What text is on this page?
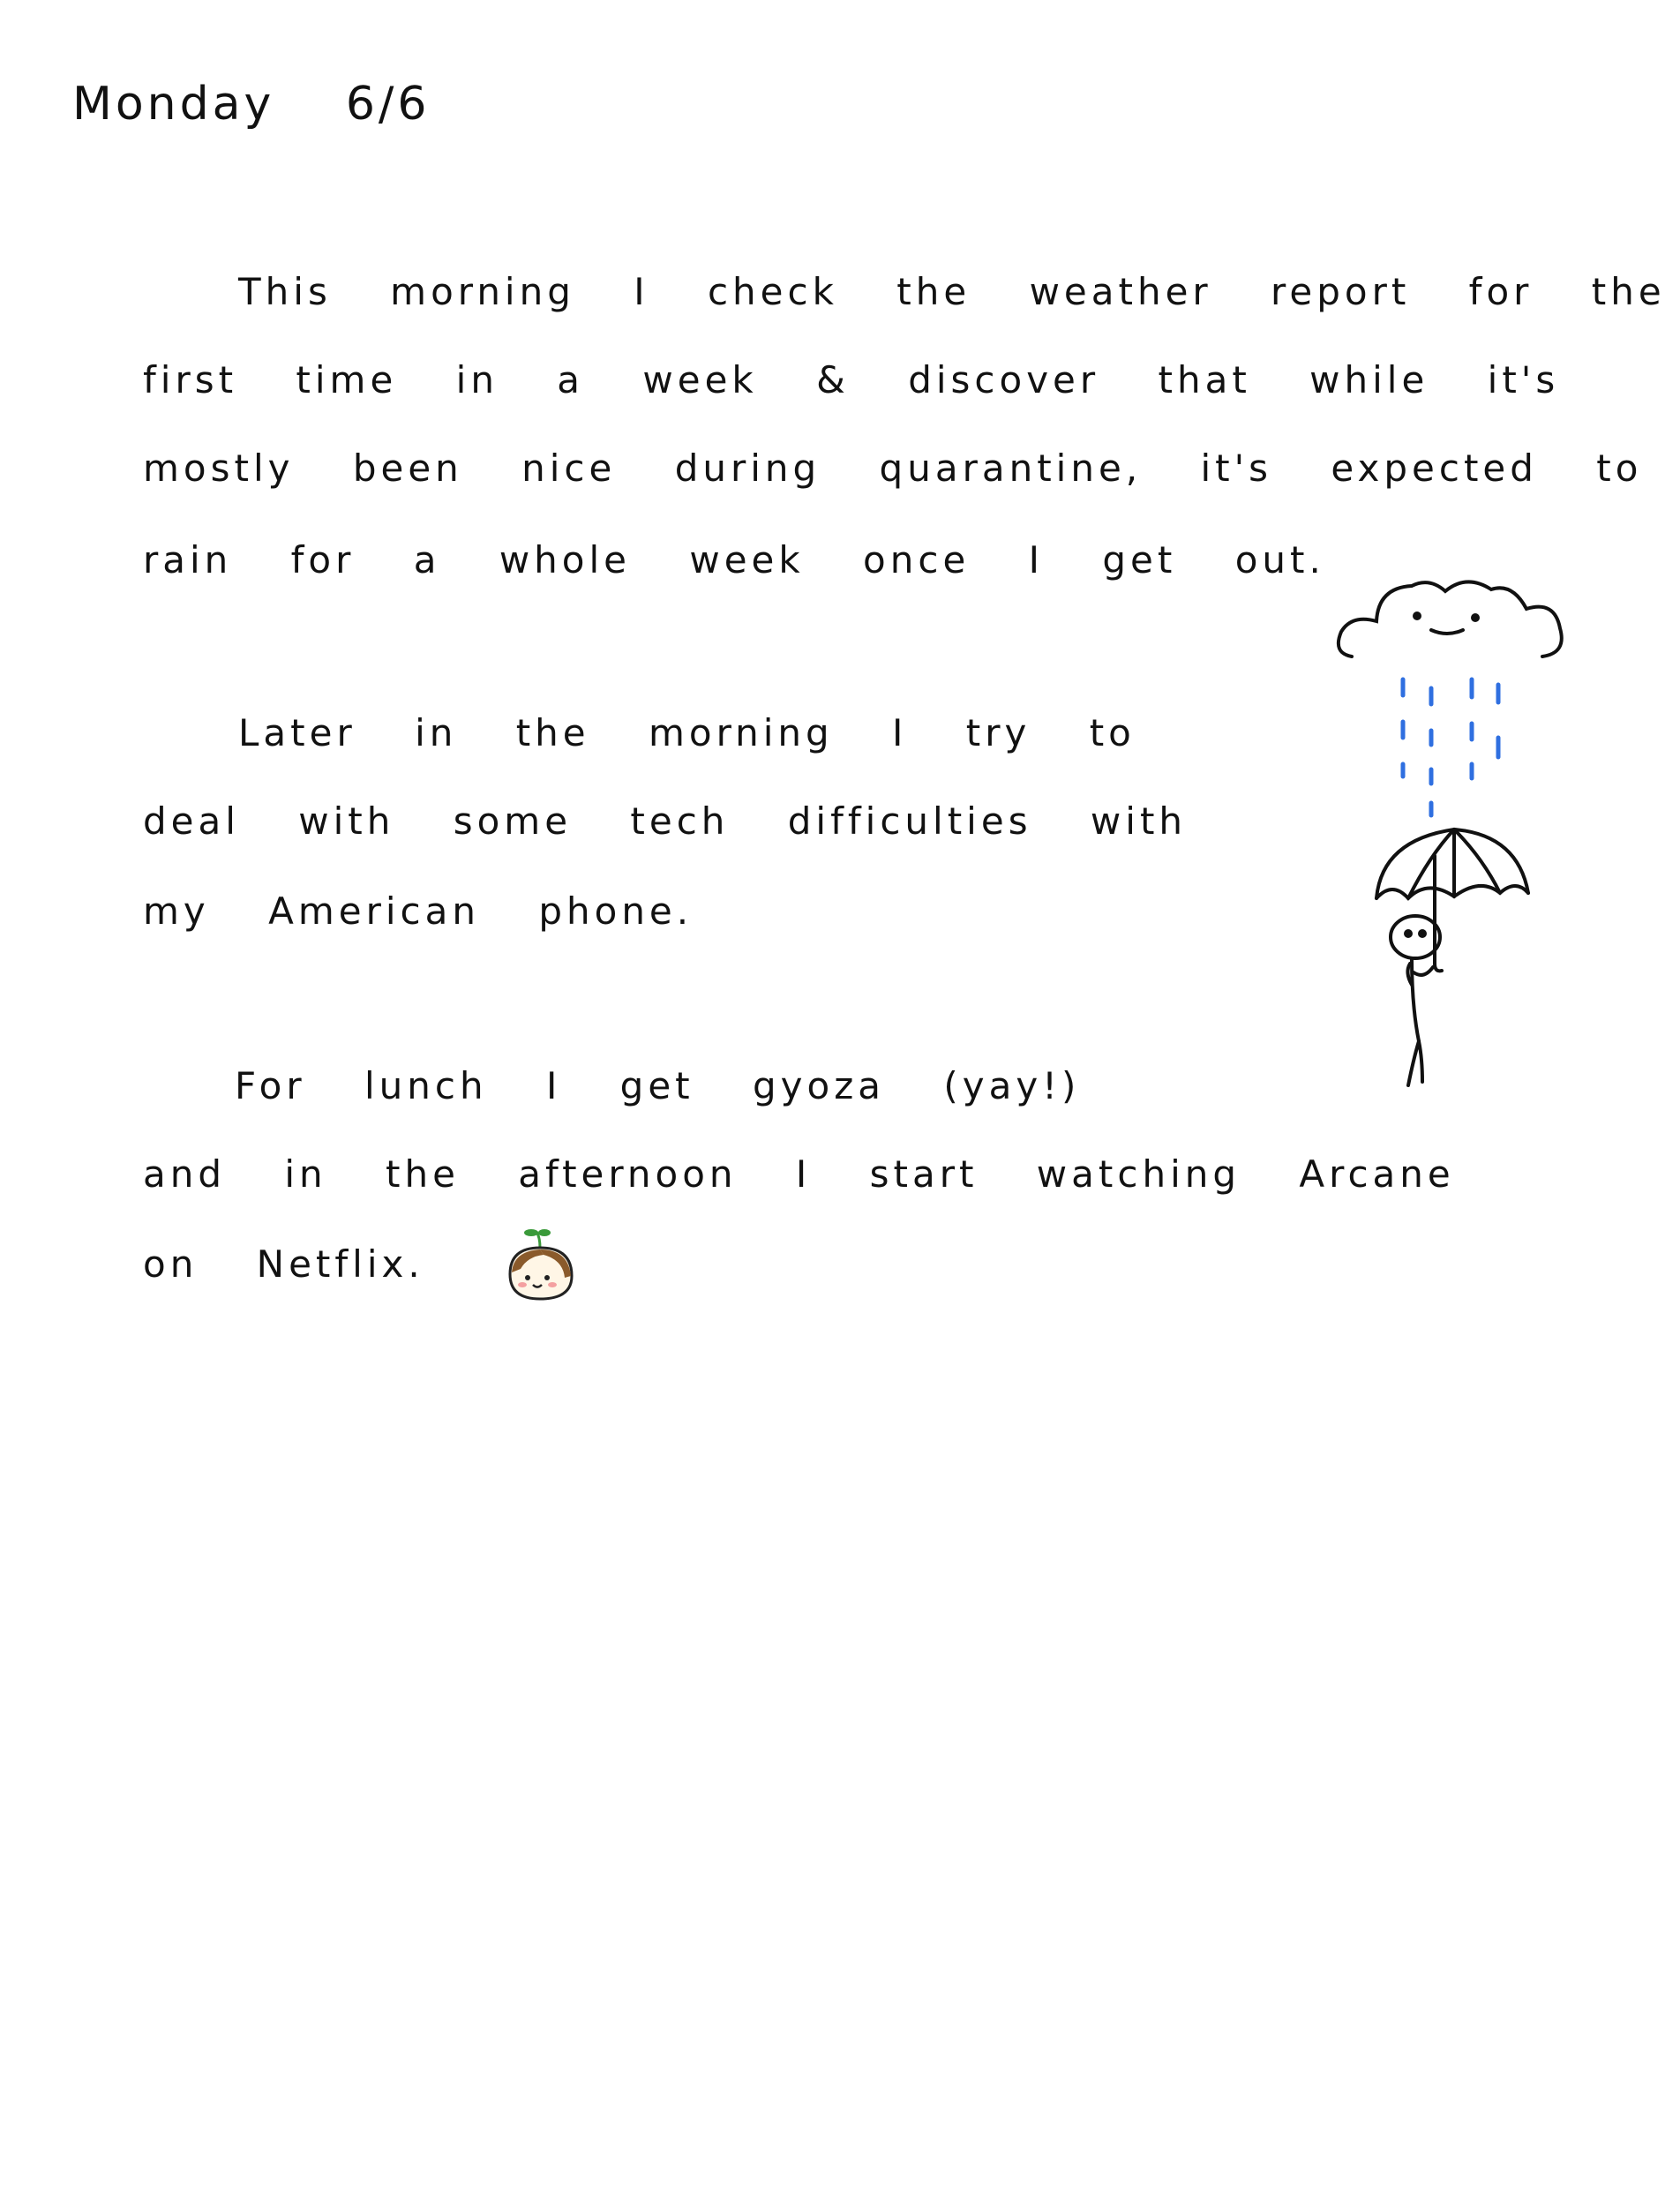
Monday 6/6
This morning I check the weather report for the
first time in a week & discover that while it's
mostly been nice during quarantine, it's expected to
rain for a whole week once I get out.
Later in the morning I try to
deal with some tech difficulties with
my American phone.
For lunch I get gyoza (yay!)
and in the afternoon I start watching Arcane
on Netflix.
